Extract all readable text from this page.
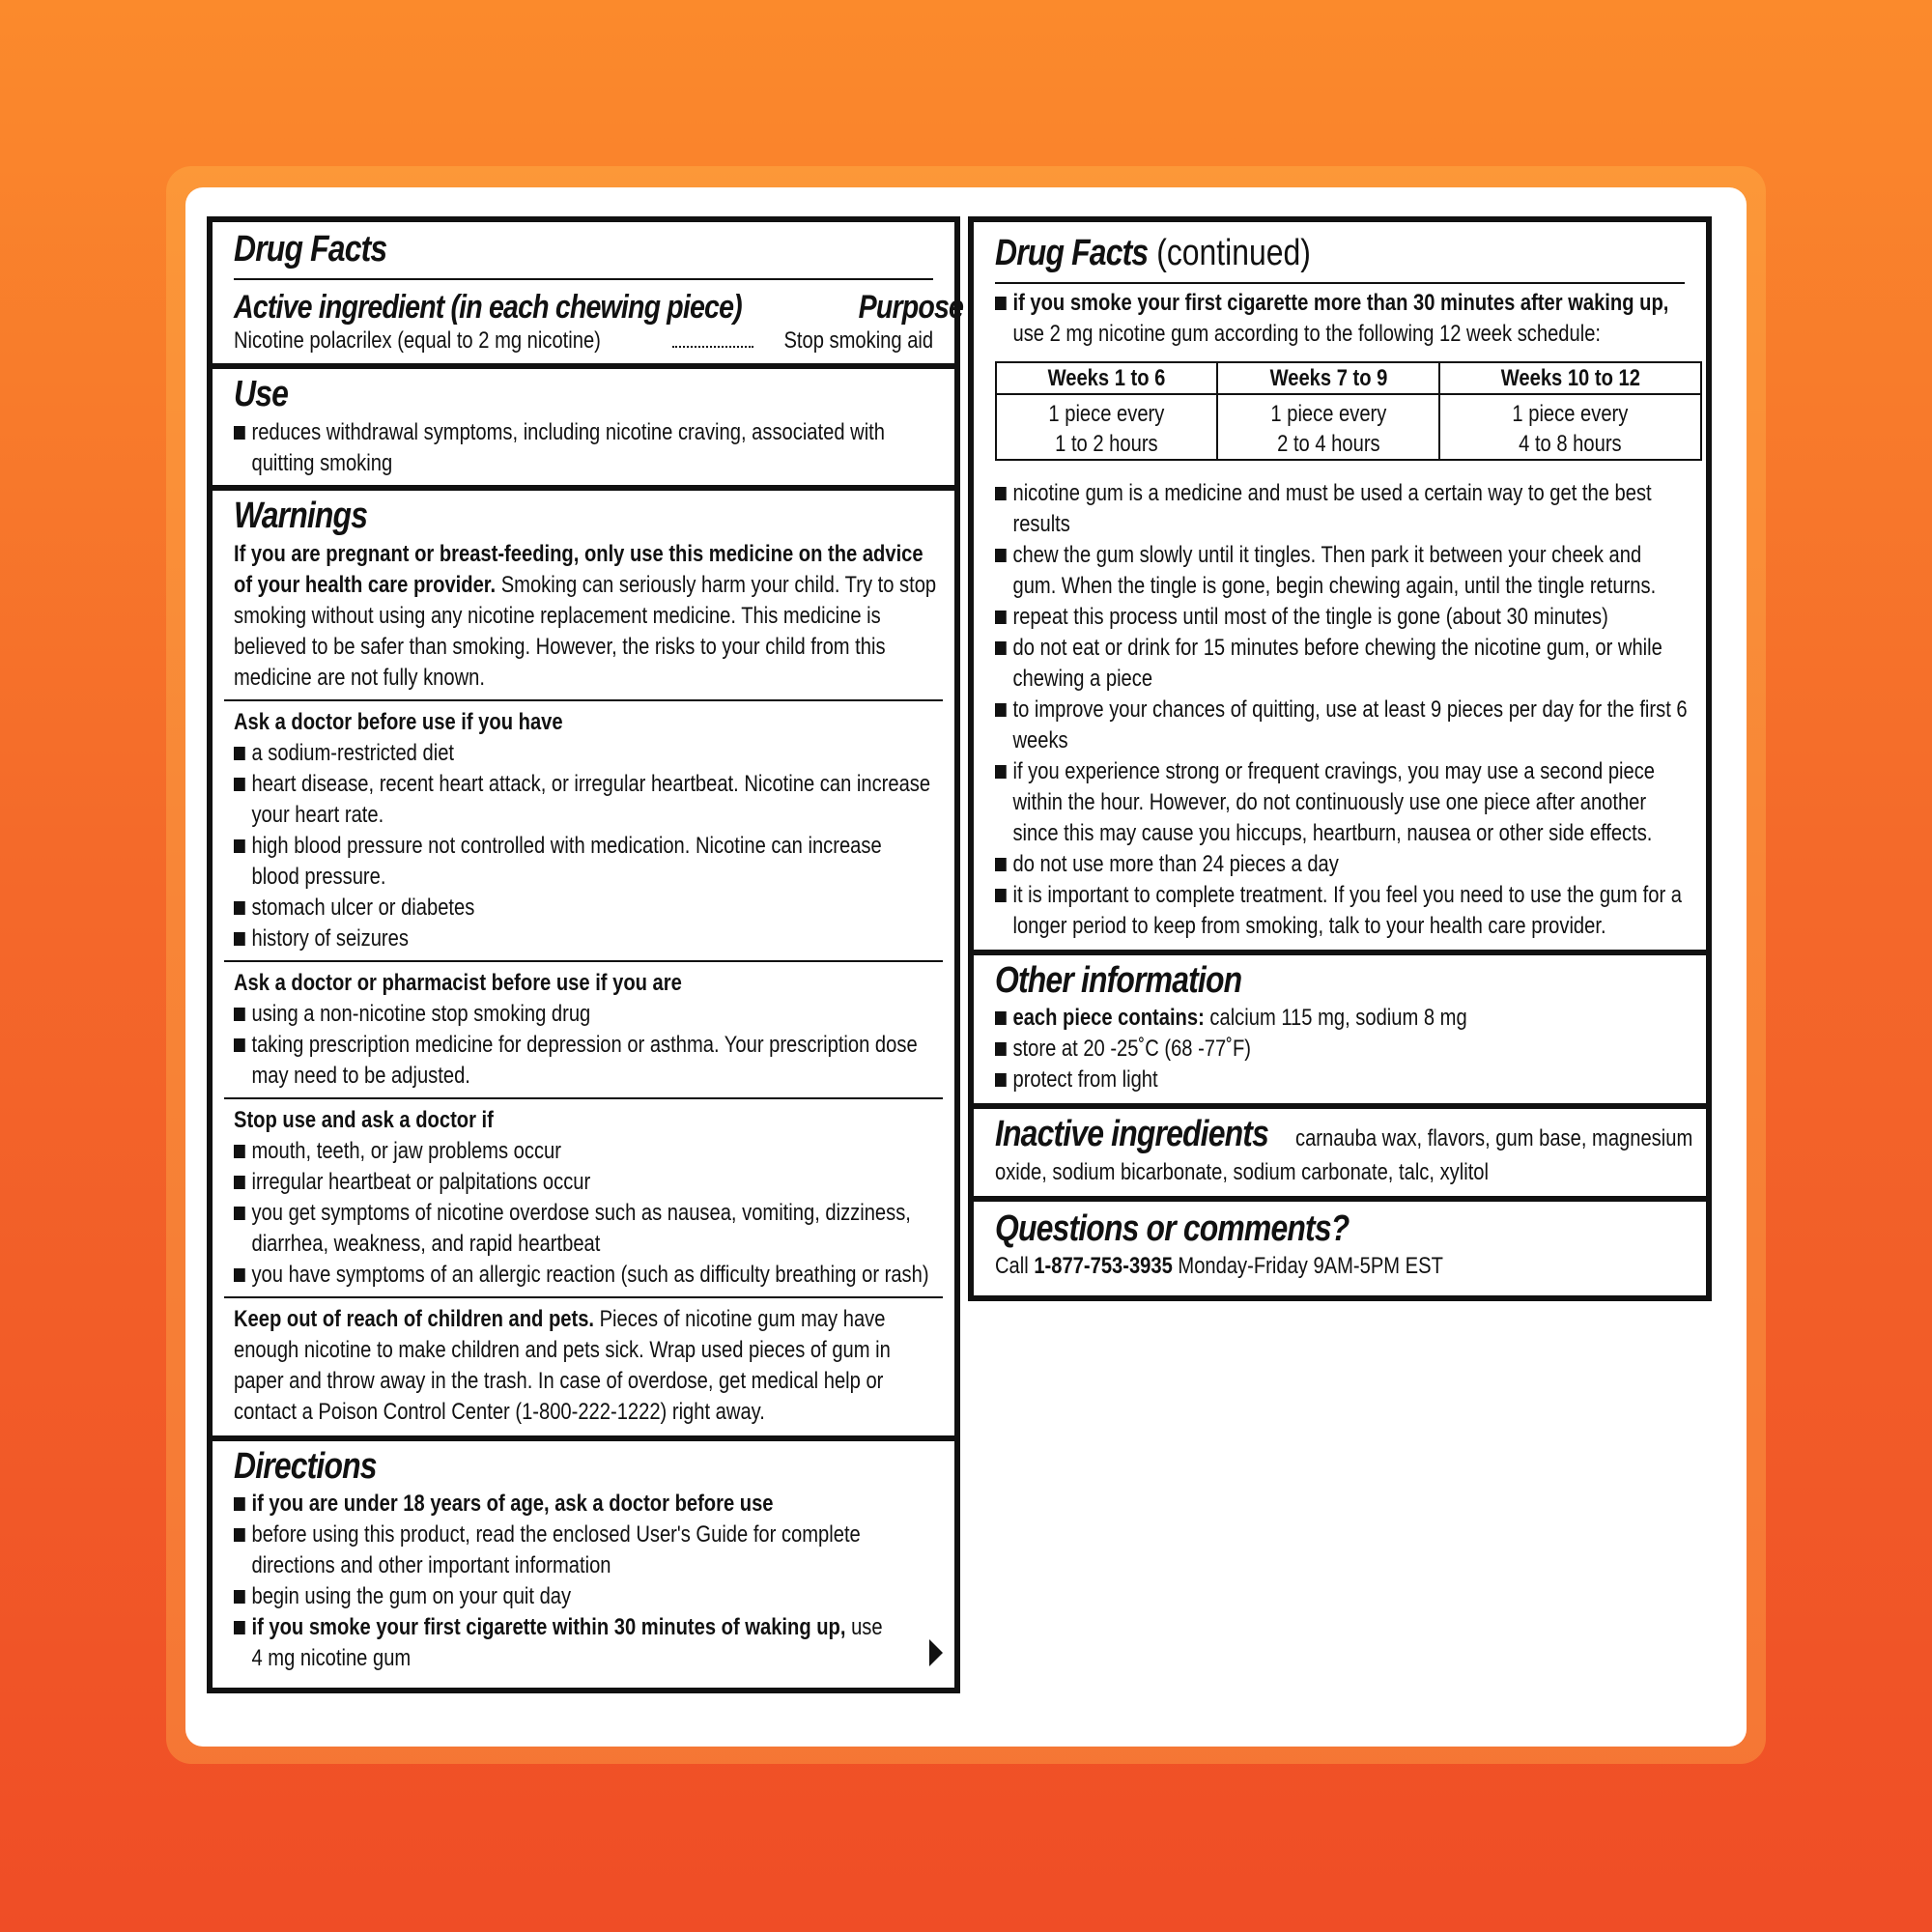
Drug Facts
Active ingredient (in each chewing piece)	Purpose
Nicotine polacrilex (equal to 2 mg nicotine)	Stop smoking aid
Use
reduces withdrawal symptoms, including nicotine craving, associated with
quitting smoking
Warnings
If you are pregnant or breast-feeding, only use this medicine on the advice
of your health care provider. Smoking can seriously harm your child. Try to stop
smoking without using any nicotine replacement medicine. This medicine is
believed to be safer than smoking. However, the risks to your child from this
medicine are not fully known.
Ask a doctor before use if you have
a sodium-restricted diet
heart disease, recent heart attack, or irregular heartbeat. Nicotine can increase
your heart rate.
high blood pressure not controlled with medication. Nicotine can increase
blood pressure.
stomach ulcer or diabetes
history of seizures
Ask a doctor or pharmacist before use if you are
using a non-nicotine stop smoking drug
taking prescription medicine for depression or asthma. Your prescription dose
may need to be adjusted.
Stop use and ask a doctor if
mouth, teeth, or jaw problems occur
irregular heartbeat or palpitations occur
you get symptoms of nicotine overdose such as nausea, vomiting, dizziness,
diarrhea, weakness, and rapid heartbeat
you have symptoms of an allergic reaction (such as difficulty breathing or rash)
Keep out of reach of children and pets. Pieces of nicotine gum may have
enough nicotine to make children and pets sick. Wrap used pieces of gum in
paper and throw away in the trash. In case of overdose, get medical help or
contact a Poison Control Center (1-800-222-1222) right away.
Directions
if you are under 18 years of age, ask a doctor before use
before using this product, read the enclosed User's Guide for complete
directions and other important information
begin using the gum on your quit day
if you smoke your first cigarette within 30 minutes of waking up, use
4 mg nicotine gum
Drug Facts (continued)
if you smoke your first cigarette more than 30 minutes after waking up,
use 2 mg nicotine gum according to the following 12 week schedule:
Weeks 1 to 6	Weeks 7 to 9	Weeks 10 to 12
1 piece every	1 piece every	1 piece every
1 to 2 hours	2 to 4 hours	4 to 8 hours
nicotine gum is a medicine and must be used a certain way to get the best
results
chew the gum slowly until it tingles. Then park it between your cheek and
gum. When the tingle is gone, begin chewing again, until the tingle returns.
repeat this process until most of the tingle is gone (about 30 minutes)
do not eat or drink for 15 minutes before chewing the nicotine gum, or while
chewing a piece
to improve your chances of quitting, use at least 9 pieces per day for the first 6
weeks
if you experience strong or frequent cravings, you may use a second piece
within the hour. However, do not continuously use one piece after another
since this may cause you hiccups, heartburn, nausea or other side effects.
do not use more than 24 pieces a day
it is important to complete treatment. If you feel you need to use the gum for a
longer period to keep from smoking, talk to your health care provider.
Other information
each piece contains: calcium 115 mg, sodium 8 mg
store at 20 -25˚C (68 -77˚F)
protect from light
Inactive ingredients carnauba wax, flavors, gum base, magnesium
oxide, sodium bicarbonate, sodium carbonate, talc, xylitol
Questions or comments?
Call 1-877-753-3935 Monday-Friday 9AM-5PM EST
